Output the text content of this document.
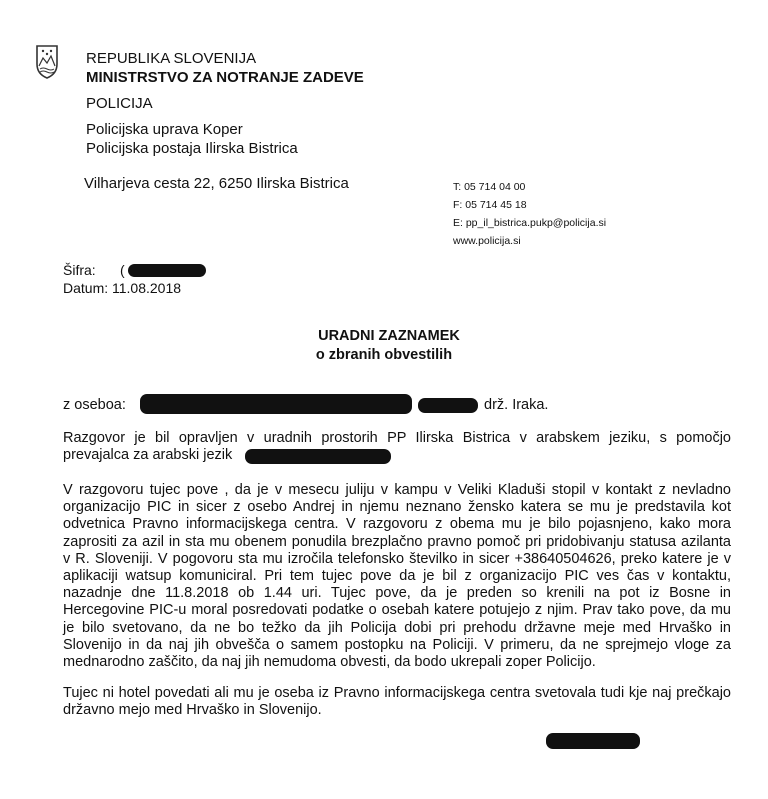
REPUBLIKA SLOVENIJA
MINISTRSTVO ZA NOTRANJE ZADEVE
POLICIJA
Policijska uprava Koper
Policijska postaja Ilirska Bistrica
Vilharjeva cesta 22, 6250 Ilirska Bistrica	T: 05 714 04 00
F: 05 714 45 18
E: pp_il_bistrica.pukp@policija.si
www.policija.si
Šifra: (
Datum: 11.08.2018
URADNI ZAZNAMEK
o zbranih obvestilih
z oseboa:	drž. Iraka.
Razgovor je bil opravljen v uradnih prostorih PP Ilirska Bistrica v arabskem jeziku, s pomočjo
prevajalca za arabski jezik
V razgovoru tujec pove , da je v mesecu juliju v kampu v Veliki Kladuši stopil v kontakt z nevladno
organizacijo PIC in sicer z osebo Andrej in njemu neznano žensko katera se mu je predstavila kot
odvetnica Pravno informacijskega centra. V razgovoru z obema mu je bilo pojasnjeno, kako mora
zaprositi za azil in sta mu obenem ponudila brezplačno pravno pomoč pri pridobivanju statusa azilanta
v R. Sloveniji. V pogovoru sta mu izročila telefonsko številko in sicer +38640504626, preko katere je v
aplikaciji watsup komuniciral. Pri tem tujec pove da je bil z organizacijo PIC ves čas v kontaktu,
nazadnje dne 11.8.2018 ob 1.44 uri. Tujec pove, da je preden so krenili na pot iz Bosne in
Hercegovine PIC-u moral posredovati podatke o osebah katere potujejo z njim. Prav tako pove, da mu
je bilo svetovano, da ne bo težko da jih Policija dobi pri prehodu državne meje med Hrvaško in
Slovenijo in da naj jih obvešča o samem postopku na Policiji. V primeru, da ne sprejmejo vloge za
mednarodno zaščito, da naj jih nemudoma obvesti, da bodo ukrepali zoper Policijo.
Tujec ni hotel povedati ali mu je oseba iz Pravno informacijskega centra svetovala tudi kje naj prečkajo
državno mejo med Hrvaško in Slovenijo.
